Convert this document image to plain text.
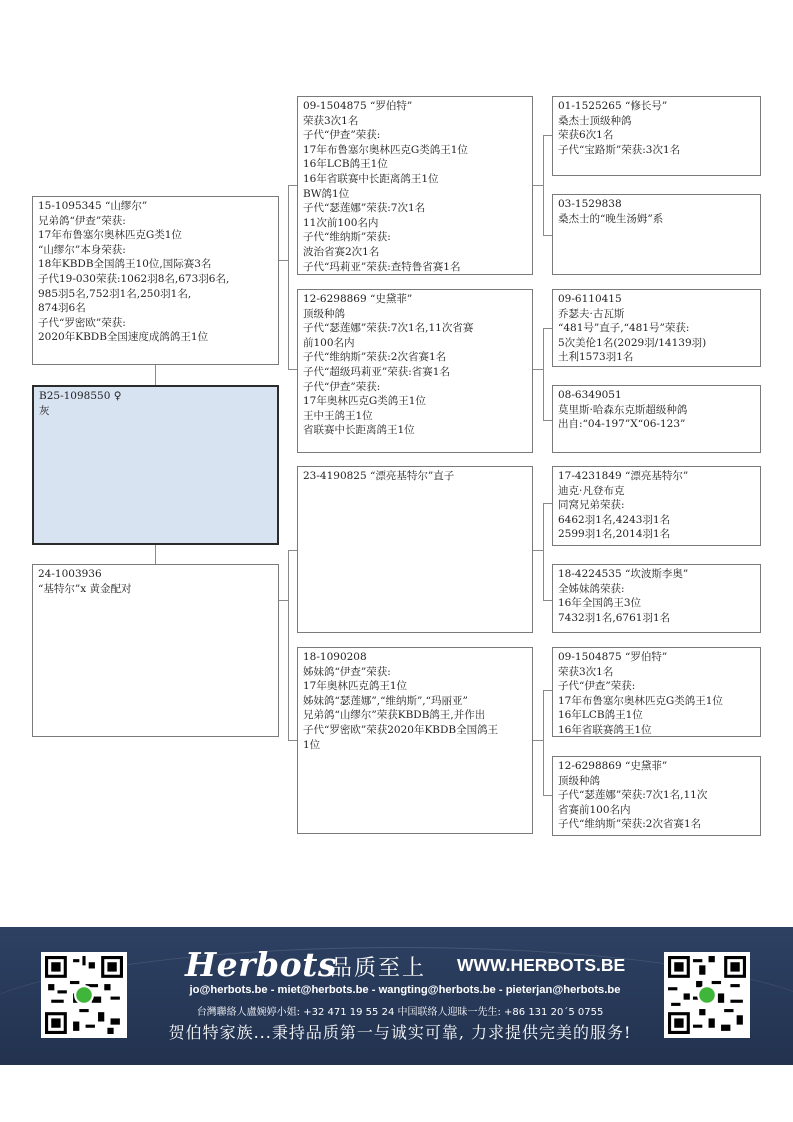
15-1095345 “山缪尔”
兄弟鸽“伊查”荣获:
17年布鲁塞尔奥林匹克G类1位
“山缪尔”本身荣获:
18年KBDB全国鸽王10位,国际赛3名
子代19-030荣获:1062羽8名,673羽6名,
985羽5名,752羽1名,250羽1名,
874羽6名
子代“罗密欧”荣获:
2020年KBDB全国速度成鸽鸽王1位
B25-1098550 ♀
灰
24-1003936
“基特尔”x 黄金配对
09-1504875 “罗伯特”
荣获3次1名
子代“伊查”荣获:
17年布鲁塞尔奥林匹克G类鸽王1位
16年LCB鸽王1位
16年省联赛中长距离鸽王1位
BW鸽1位
子代“瑟莲娜”荣获:7次1名
11次前100名内
子代“维纳斯”荣获:
波治省赛2次1名
子代“玛莉亚”荣获:查特鲁省赛1名
12-6298869 “史黛菲”
顶级种鸽
子代“瑟莲娜”荣获:7次1名,11次省赛
前100名内
子代“维纳斯”荣获:2次省赛1名
子代“超级玛莉亚”荣获:省赛1名
子代“伊查”荣获:
17年奥林匹克G类鸽王1位
王中王鸽王1位
省联赛中长距离鸽王1位
23-4190825 “漂亮基特尔”直子
18-1090208
姊妹鸽“伊查”荣获:
17年奥林匹克鸽王1位
姊妹鸽“瑟莲娜”,“维纳斯”,“玛丽亚”
兄弟鸽“山缪尔”荣获KBDB鸽王,并作出
子代“罗密欧”荣获2020年KBDB全国鸽王
1位
01-1525265 “修长号”
桑杰士顶级种鸽
荣获6次1名
子代“宝路斯”荣获:3次1名
03-1529838
桑杰士的“晚生汤姆”系
09-6110415
乔瑟夫·古瓦斯
“481号”直子,“481号”荣获:
5次美伦1名(2029羽/14139羽)
土利1573羽1名
08-6349051
莫里斯·哈森东克斯超级种鸽
出自:“04-197”X“06-123”
17-4231849 “漂亮基特尔”
迪克·凡登布克
同窝兄弟荣获:
6462羽1名,4243羽1名
2599羽1名,2014羽1名
18-4224535 “坎波斯李奥”
全姊妹鸽荣获:
16年全国鸽王3位
7432羽1名,6761羽1名
09-1504875 “罗伯特”
荣获3次1名
子代“伊查”荣获:
17年布鲁塞尔奥林匹克G类鸽王1位
16年LCB鸽王1位
16年省联赛鸽王1位
12-6298869 “史黛菲”
顶级种鸽
子代“瑟莲娜”荣获:7次1名,11次
省赛前100名内
子代“维纳斯”荣获:2次省赛1名
Herbots
品质至上 WWW.HERBOTS.BE
jo@herbots.be - miet@herbots.be - wangting@herbots.be - pieterjan@herbots.be
台灣聯絡人盧婉婷小姐: +32 471 19 55 24 中国联络人迎昧一先生: +86 131 20´5 0755
贺伯特家族...秉持品质第一与诚实可靠, 力求提供完美的服务!
